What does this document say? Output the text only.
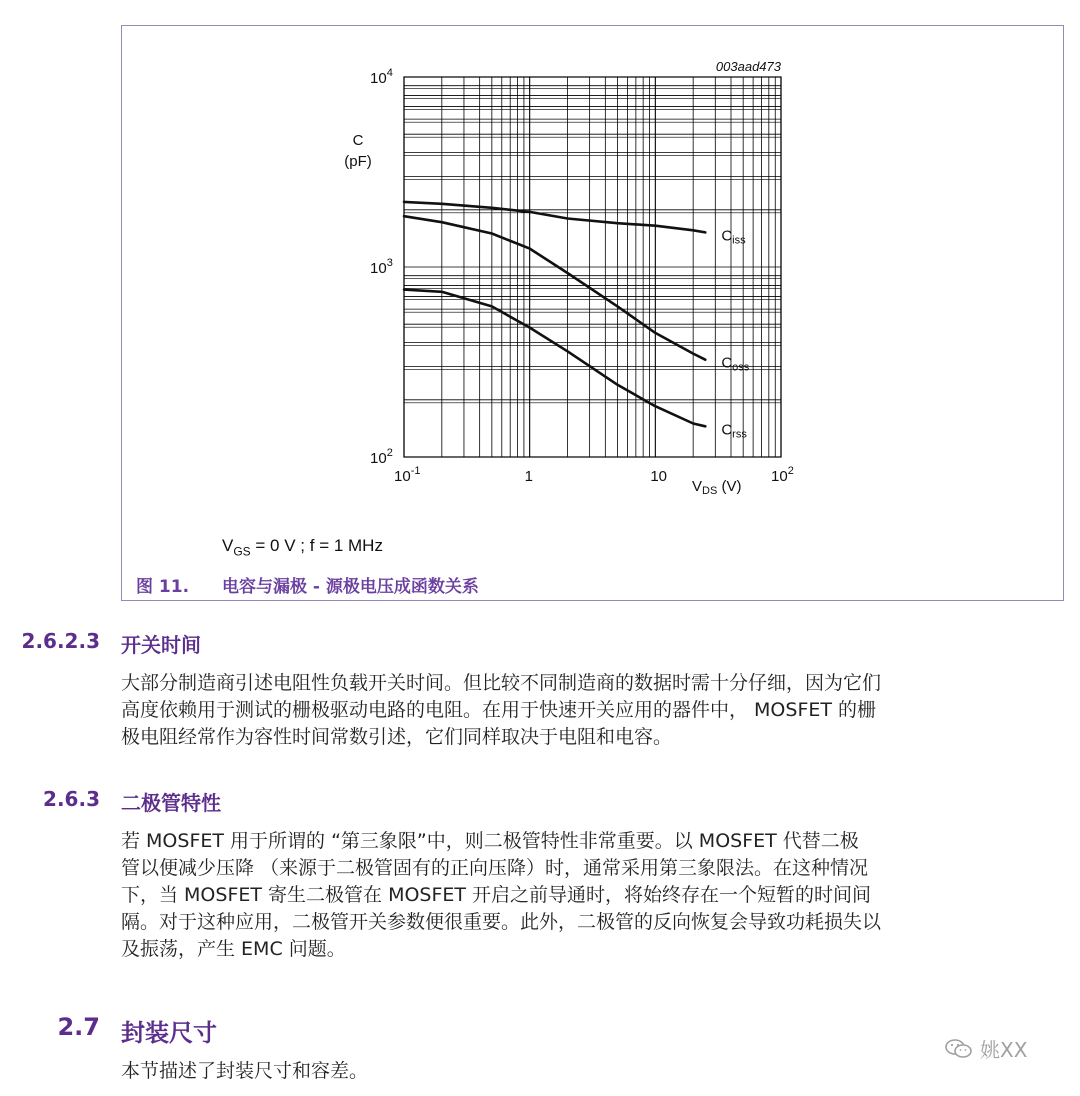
$C_{iss}$
$C_{oss}$
$C_{rss}$
$10^2$
$10^3$
$10^4$
$10^{-1}$	1	10	$10^2$
C
(pF)
$V_{DS}$ (V)
003aad473
$V_{GS} = 0$ V ; f = 1 MHz
图 11. 电容与漏极 - 源极电压成函数关系
2.6.2.3 开关时间
大部分制造商引述电阻性负载开关时间。但比较不同制造商的数据时需十分仔细，因为它们
高度依赖用于测试的栅极驱动电路的电阻。在用于快速开关应用的器件中， MOSFET 的栅
极电阻经常作为容性时间常数引述，它们同样取决于电阻和电容。
2.6.3 二极管特性
若 MOSFET 用于所谓的 “第三象限”中，则二极管特性非常重要。以 MOSFET 代替二极
管以便减少压降 （来源于二极管固有的正向压降）时，通常采用第三象限法。在这种情况
下，当 MOSFET 寄生二极管在 MOSFET 开启之前导通时，将始终存在一个短暂的时间间
隔。对于这种应用，二极管开关参数便很重要。此外，二极管的反向恢复会导致功耗损失以
及振荡，产生 EMC 问题。
2.7 封装尺寸
本节描述了封装尺寸和容差。
姚XX
